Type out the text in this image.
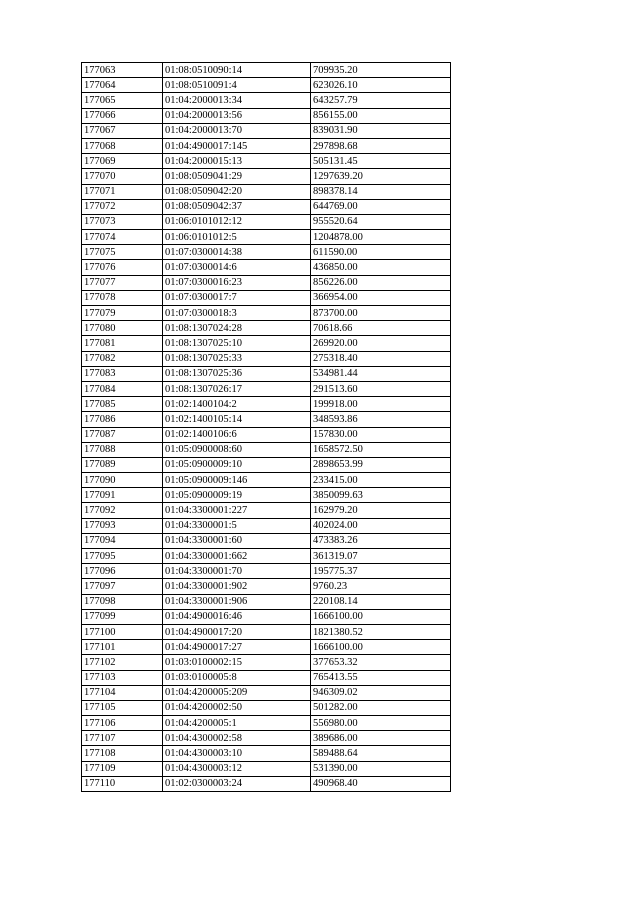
177063	01:08:0510090:14	709935.20
177064	01:08:0510091:4	623026.10
177065	01:04:2000013:34	643257.79
177066	01:04:2000013:56	856155.00
177067	01:04:2000013:70	839031.90
177068	01:04:4900017:145	297898.68
177069	01:04:2000015:13	505131.45
177070	01:08:0509041:29	1297639.20
177071	01:08:0509042:20	898378.14
177072	01:08:0509042:37	644769.00
177073	01:06:0101012:12	955520.64
177074	01:06:0101012:5	1204878.00
177075	01:07:0300014:38	611590.00
177076	01:07:0300014:6	436850.00
177077	01:07:0300016:23	856226.00
177078	01:07:0300017:7	366954.00
177079	01:07:0300018:3	873700.00
177080	01:08:1307024:28	70618.66
177081	01:08:1307025:10	269920.00
177082	01:08:1307025:33	275318.40
177083	01:08:1307025:36	534981.44
177084	01:08:1307026:17	291513.60
177085	01:02:1400104:2	199918.00
177086	01:02:1400105:14	348593.86
177087	01:02:1400106:6	157830.00
177088	01:05:0900008:60	1658572.50
177089	01:05:0900009:10	2898653.99
177090	01:05:0900009:146	233415.00
177091	01:05:0900009:19	3850099.63
177092	01:04:3300001:227	162979.20
177093	01:04:3300001:5	402024.00
177094	01:04:3300001:60	473383.26
177095	01:04:3300001:662	361319.07
177096	01:04:3300001:70	195775.37
177097	01:04:3300001:902	9760.23
177098	01:04:3300001:906	220108.14
177099	01:04:4900016:46	1666100.00
177100	01:04:4900017:20	1821380.52
177101	01:04:4900017:27	1666100.00
177102	01:03:0100002:15	377653.32
177103	01:03:0100005:8	765413.55
177104	01:04:4200005:209	946309.02
177105	01:04:4200002:50	501282.00
177106	01:04:4200005:1	556980.00
177107	01:04:4300002:58	389686.00
177108	01:04:4300003:10	589488.64
177109	01:04:4300003:12	531390.00
177110	01:02:0300003:24	490968.40
